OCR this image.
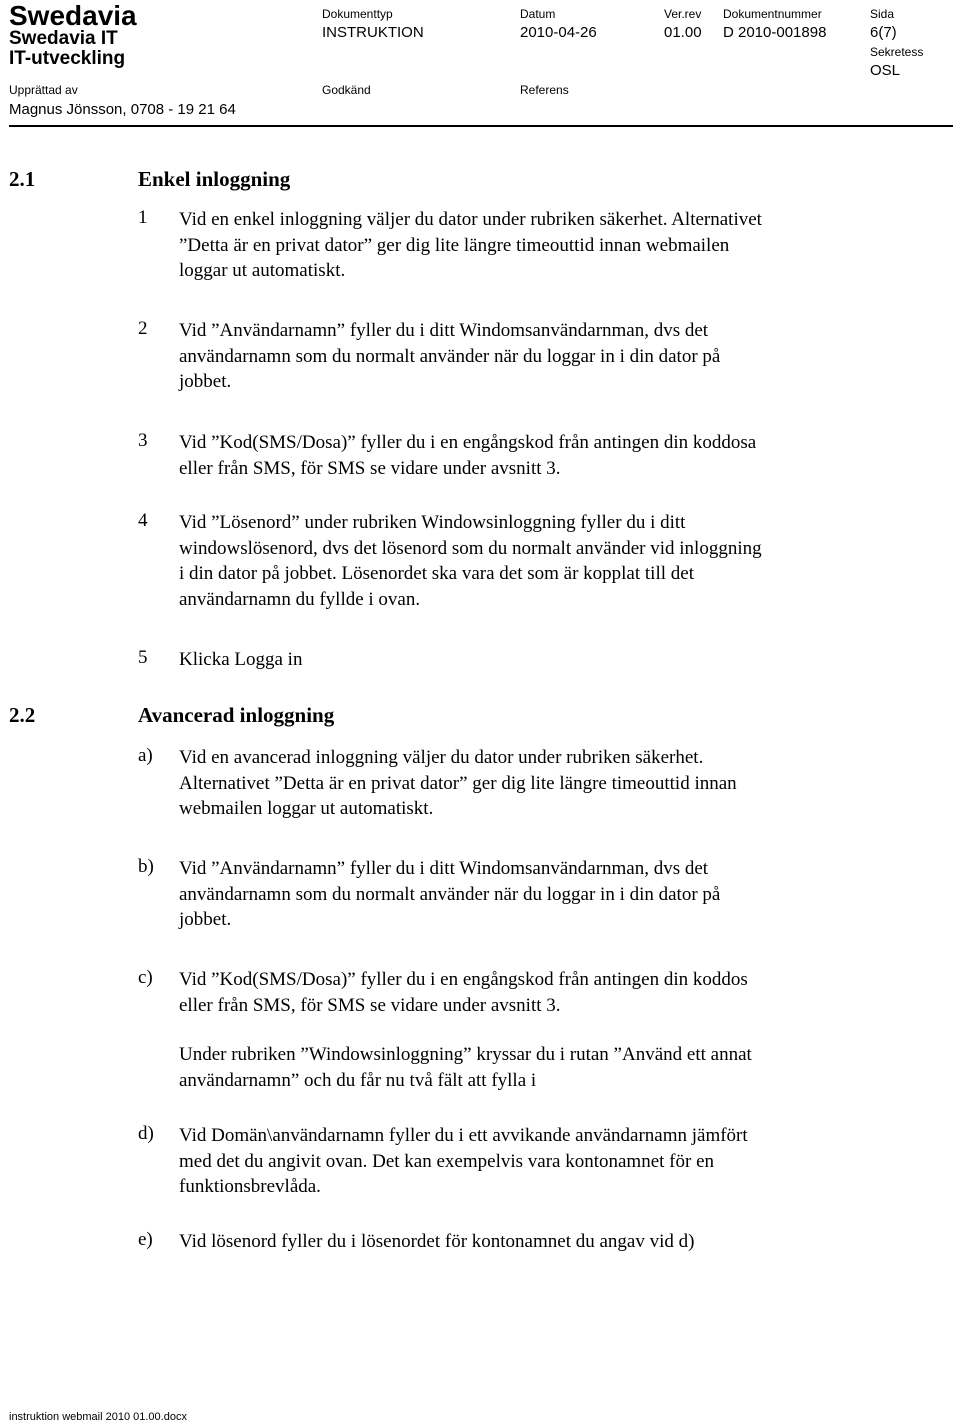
Swedavia
Swedavia IT
IT-utveckling
Dokumenttyp
INSTRUKTION
Datum
2010-04-26
Ver.rev
01.00
Dokumentnummer
D 2010-001898
Sida
6(7)
Sekretess
OSL
Upprättad av
Magnus Jönsson, 0708 - 19 21 64
Godkänd	Referens
2.1	Enkel inloggning
1 Vid en enkel inloggning väljer du dator under rubriken säkerhet. Alternativet
”Detta är en privat dator” ger dig lite längre timeouttid innan webmailen
loggar ut automatiskt.
2 Vid ”Användarnamn” fyller du i ditt Windomsanvändarnman, dvs det
användarnamn som du normalt använder när du loggar in i din dator på
jobbet.
3 Vid ”Kod(SMS/Dosa)” fyller du i en engångskod från antingen din koddosa
eller från SMS, för SMS se vidare under avsnitt 3.
4 Vid ”Lösenord” under rubriken Windowsinloggning fyller du i ditt
windowslösenord, dvs det lösenord som du normalt använder vid inloggning
i din dator på jobbet. Lösenordet ska vara det som är kopplat till det
användarnamn du fyllde i ovan.
5 Klicka Logga in
2.2	Avancerad inloggning
a) Vid en avancerad inloggning väljer du dator under rubriken säkerhet.
Alternativet ”Detta är en privat dator” ger dig lite längre timeouttid innan
webmailen loggar ut automatiskt.
b) Vid ”Användarnamn” fyller du i ditt Windomsanvändarnman, dvs det
användarnamn som du normalt använder när du loggar in i din dator på
jobbet.
c) Vid ”Kod(SMS/Dosa)” fyller du i en engångskod från antingen din koddos
eller från SMS, för SMS se vidare under avsnitt 3.
Under rubriken ”Windowsinloggning” kryssar du i rutan ”Använd ett annat
användarnamn” och du får nu två fält att fylla i
d) Vid Domän\användarnamn fyller du i ett avvikande användarnamn jämfört
med det du angivit ovan. Det kan exempelvis vara kontonamnet för en
funktionsbrevlåda.
e) Vid lösenord fyller du i lösenordet för kontonamnet du angav vid d)
instruktion webmail 2010 01.00.docx
